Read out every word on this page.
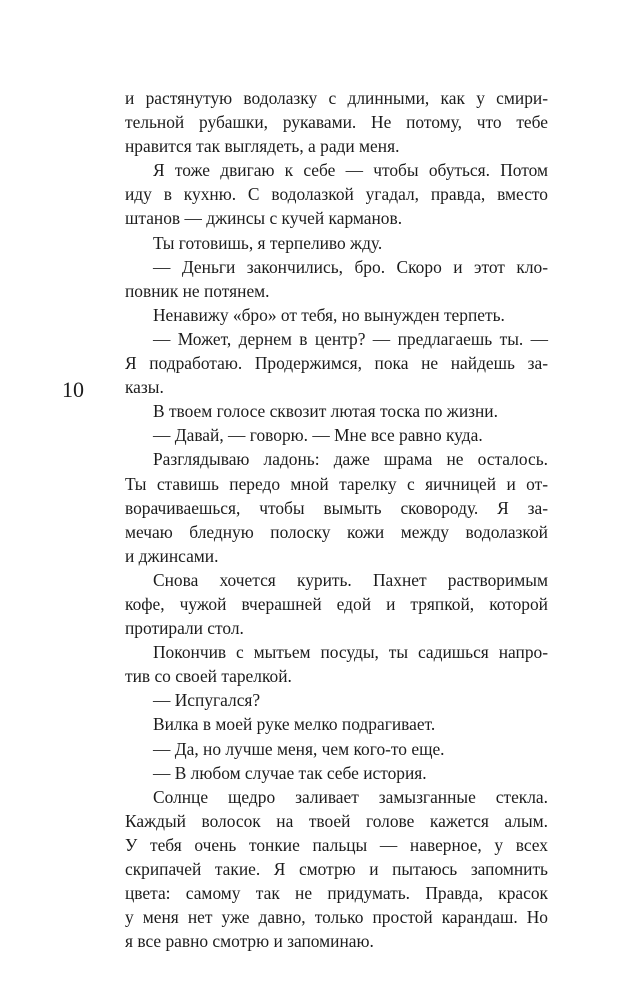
10
и растянутую водолазку с длинными, как у смири-
тельной рубашки, рукавами. Не потому, что тебе
нравится так выглядеть, а ради меня.
Я тоже двигаю к себе — чтобы обуться. Потом
иду в кухню. С водолазкой угадал, правда, вместо
штанов — джинсы с кучей карманов.
Ты готовишь, я терпеливо жду.
— Деньги закончились, бро. Скоро и этот кло-
повник не потянем.
Ненавижу «бро» от тебя, но вынужден терпеть.
— Может, дернем в центр? — предлагаешь ты. —
Я подработаю. Продержимся, пока не найдешь за-
казы.
В твоем голосе сквозит лютая тоска по жизни.
— Давай, — говорю. — Мне все равно куда.
Разглядываю ладонь: даже шрама не осталось.
Ты ставишь передо мной тарелку с яичницей и от-
ворачиваешься, чтобы вымыть сковороду. Я за-
мечаю бледную полоску кожи между водолазкой
и джинсами.
Снова хочется курить. Пахнет растворимым
кофе, чужой вчерашней едой и тряпкой, которой
протирали стол.
Покончив с мытьем посуды, ты садишься напро-
тив со своей тарелкой.
— Испугался?
Вилка в моей руке мелко подрагивает.
— Да, но лучше меня, чем кого-то еще.
— В любом случае так себе история.
Солнце щедро заливает замызганные стекла.
Каждый волосок на твоей голове кажется алым.
У тебя очень тонкие пальцы — наверное, у всех
скрипачей такие. Я смотрю и пытаюсь запомнить
цвета: самому так не придумать. Правда, красок
у меня нет уже давно, только простой карандаш. Но
я все равно смотрю и запоминаю.
